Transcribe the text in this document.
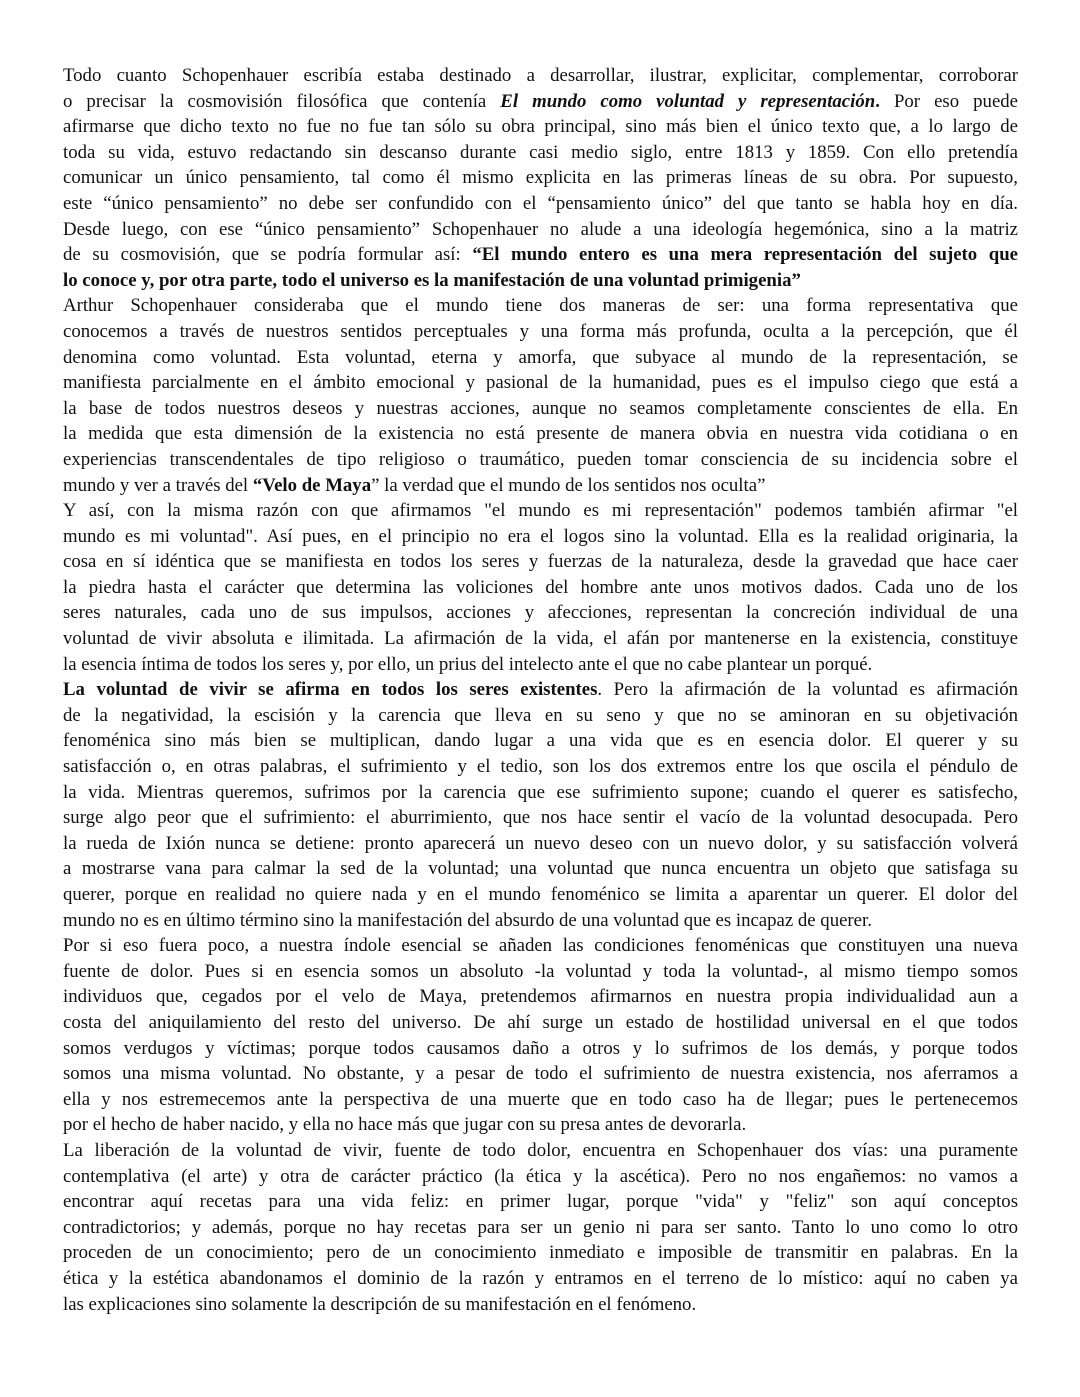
Todo cuanto Schopenhauer escribía estaba destinado a desarrollar, ilustrar, explicitar, complementar, corroborar
o precisar la cosmovisión filosófica que contenía El mundo como voluntad y representación. Por eso puede
afirmarse que dicho texto no fue no fue tan sólo su obra principal, sino más bien el único texto que, a lo largo de
toda su vida, estuvo redactando sin descanso durante casi medio siglo, entre 1813 y 1859. Con ello pretendía
comunicar un único pensamiento, tal como él mismo explicita en las primeras líneas de su obra. Por supuesto,
este “único pensamiento” no debe ser confundido con el “pensamiento único” del que tanto se habla hoy en día.
Desde luego, con ese “único pensamiento” Schopenhauer no alude a una ideología hegemónica, sino a la matriz
de su cosmovisión, que se podría formular así: “El mundo entero es una mera representación del sujeto que
lo conoce y, por otra parte, todo el universo es la manifestación de una voluntad primigenia”
Arthur Schopenhauer consideraba que el mundo tiene dos maneras de ser: una forma representativa que
conocemos a través de nuestros sentidos perceptuales y una forma más profunda, oculta a la percepción, que él
denomina como voluntad. Esta voluntad, eterna y amorfa, que subyace al mundo de la representación, se
manifiesta parcialmente en el ámbito emocional y pasional de la humanidad, pues es el impulso ciego que está a
la base de todos nuestros deseos y nuestras acciones, aunque no seamos completamente conscientes de ella. En
la medida que esta dimensión de la existencia no está presente de manera obvia en nuestra vida cotidiana o en
experiencias transcendentales de tipo religioso o traumático, pueden tomar consciencia de su incidencia sobre el
mundo y ver a través del “Velo de Maya” la verdad que el mundo de los sentidos nos oculta”
Y así, con la misma razón con que afirmamos "el mundo es mi representación" podemos también afirmar "el
mundo es mi voluntad". Así pues, en el principio no era el logos sino la voluntad. Ella es la realidad originaria, la
cosa en sí idéntica que se manifiesta en todos los seres y fuerzas de la naturaleza, desde la gravedad que hace caer
la piedra hasta el carácter que determina las voliciones del hombre ante unos motivos dados. Cada uno de los
seres naturales, cada uno de sus impulsos, acciones y afecciones, representan la concreción individual de una
voluntad de vivir absoluta e ilimitada. La afirmación de la vida, el afán por mantenerse en la existencia, constituye
la esencia íntima de todos los seres y, por ello, un prius del intelecto ante el que no cabe plantear un porqué.
La voluntad de vivir se afirma en todos los seres existentes. Pero la afirmación de la voluntad es afirmación
de la negatividad, la escisión y la carencia que lleva en su seno y que no se aminoran en su objetivación
fenoménica sino más bien se multiplican, dando lugar a una vida que es en esencia dolor. El querer y su
satisfacción o, en otras palabras, el sufrimiento y el tedio, son los dos extremos entre los que oscila el péndulo de
la vida. Mientras queremos, sufrimos por la carencia que ese sufrimiento supone; cuando el querer es satisfecho,
surge algo peor que el sufrimiento: el aburrimiento, que nos hace sentir el vacío de la voluntad desocupada. Pero
la rueda de Ixión nunca se detiene: pronto aparecerá un nuevo deseo con un nuevo dolor, y su satisfacción volverá
a mostrarse vana para calmar la sed de la voluntad; una voluntad que nunca encuentra un objeto que satisfaga su
querer, porque en realidad no quiere nada y en el mundo fenoménico se limita a aparentar un querer. El dolor del
mundo no es en último término sino la manifestación del absurdo de una voluntad que es incapaz de querer.
Por si eso fuera poco, a nuestra índole esencial se añaden las condiciones fenoménicas que constituyen una nueva
fuente de dolor. Pues si en esencia somos un absoluto -la voluntad y toda la voluntad-, al mismo tiempo somos
individuos que, cegados por el velo de Maya, pretendemos afirmarnos en nuestra propia individualidad aun a
costa del aniquilamiento del resto del universo. De ahí surge un estado de hostilidad universal en el que todos
somos verdugos y víctimas; porque todos causamos daño a otros y lo sufrimos de los demás, y porque todos
somos una misma voluntad. No obstante, y a pesar de todo el sufrimiento de nuestra existencia, nos aferramos a
ella y nos estremecemos ante la perspectiva de una muerte que en todo caso ha de llegar; pues le pertenecemos
por el hecho de haber nacido, y ella no hace más que jugar con su presa antes de devorarla.
La liberación de la voluntad de vivir, fuente de todo dolor, encuentra en Schopenhauer dos vías: una puramente
contemplativa (el arte) y otra de carácter práctico (la ética y la ascética). Pero no nos engañemos: no vamos a
encontrar aquí recetas para una vida feliz: en primer lugar, porque "vida" y "feliz" son aquí conceptos
contradictorios; y además, porque no hay recetas para ser un genio ni para ser santo. Tanto lo uno como lo otro
proceden de un conocimiento; pero de un conocimiento inmediato e imposible de transmitir en palabras. En la
ética y la estética abandonamos el dominio de la razón y entramos en el terreno de lo místico: aquí no caben ya
las explicaciones sino solamente la descripción de su manifestación en el fenómeno.
